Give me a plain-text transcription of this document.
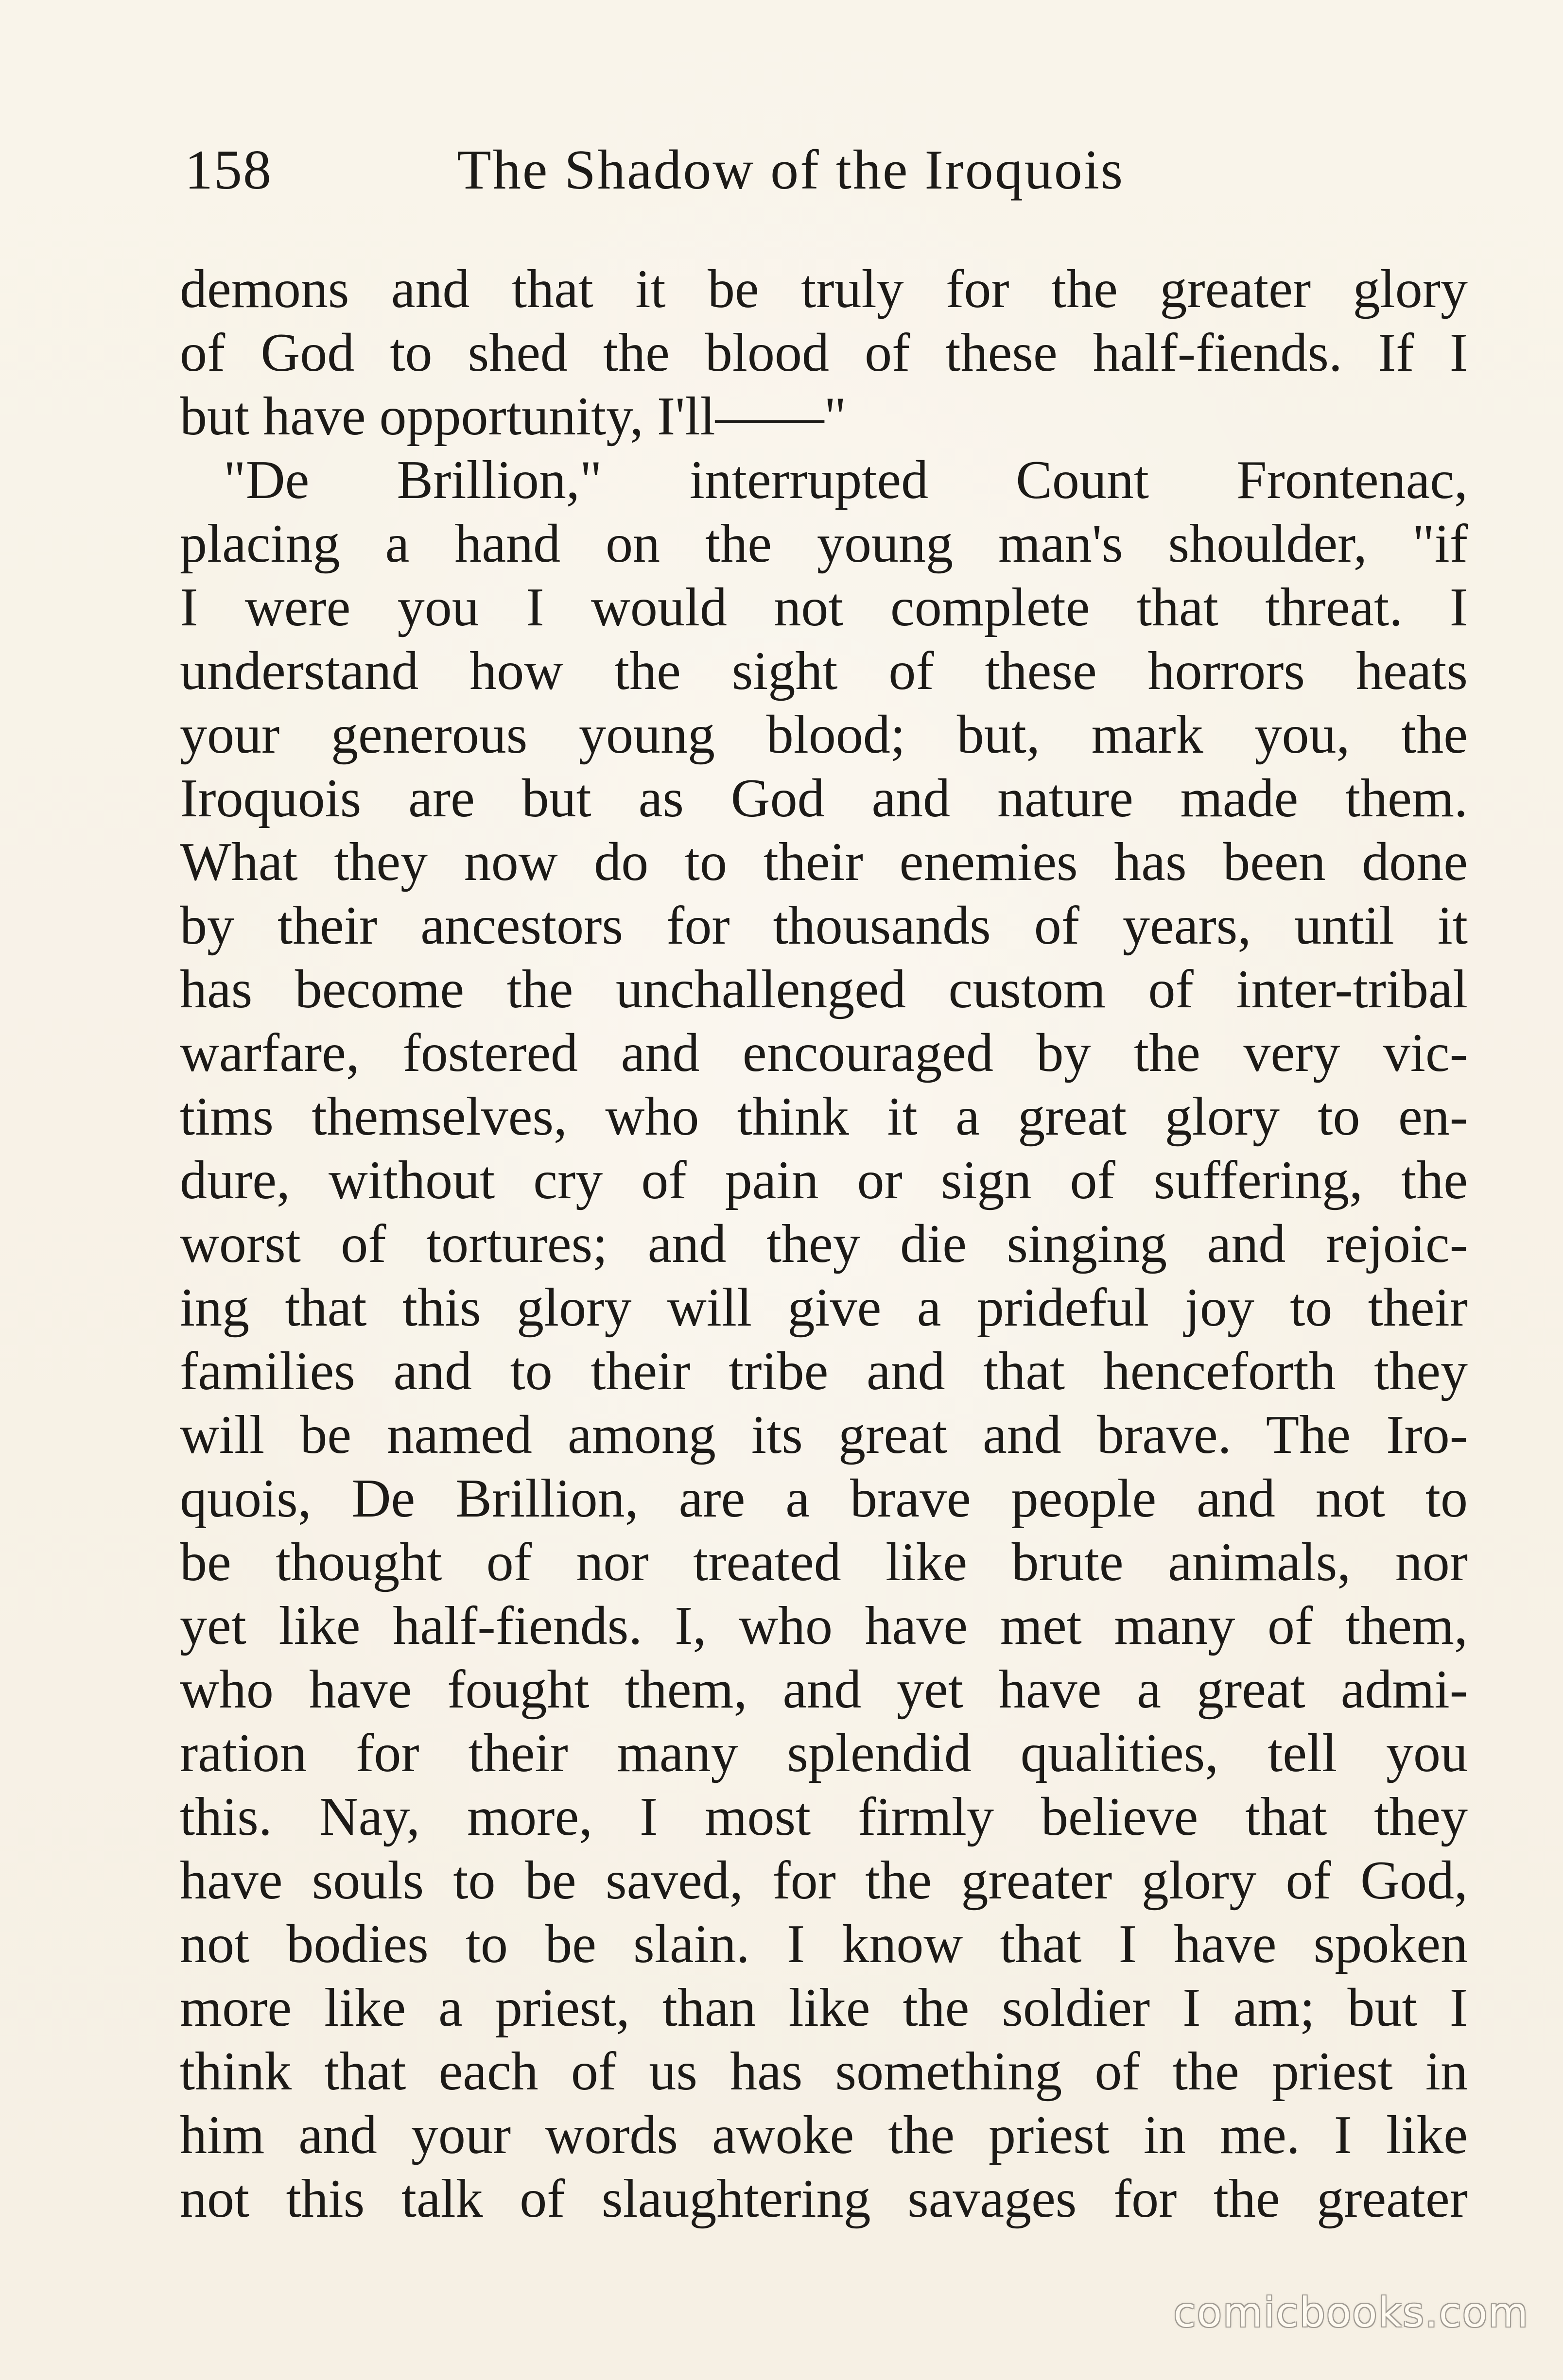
158	The Shadow of the Iroquois
demons and that it be truly for the greater glory
of God to shed the blood of these half-fiends. If I
but have opportunity, I'll——"
"De Brillion," interrupted Count Frontenac,
placing a hand on the young man's shoulder, "if
I were you I would not complete that threat. I
understand how the sight of these horrors heats
your generous young blood; but, mark you, the
Iroquois are but as God and nature made them.
What they now do to their enemies has been done
by their ancestors for thousands of years, until it
has become the unchallenged custom of inter-tribal
warfare, fostered and encouraged by the very vic-
tims themselves, who think it a great glory to en-
dure, without cry of pain or sign of suffering, the
worst of tortures; and they die singing and rejoic-
ing that this glory will give a prideful joy to their
families and to their tribe and that henceforth they
will be named among its great and brave. The Iro-
quois, De Brillion, are a brave people and not to
be thought of nor treated like brute animals, nor
yet like half-fiends. I, who have met many of them,
who have fought them, and yet have a great admi-
ration for their many splendid qualities, tell you
this. Nay, more, I most firmly believe that they
have souls to be saved, for the greater glory of God,
not bodies to be slain. I know that I have spoken
more like a priest, than like the soldier I am; but I
think that each of us has something of the priest in
him and your words awoke the priest in me. I like
not this talk of slaughtering savages for the greater
comicbooks.com
